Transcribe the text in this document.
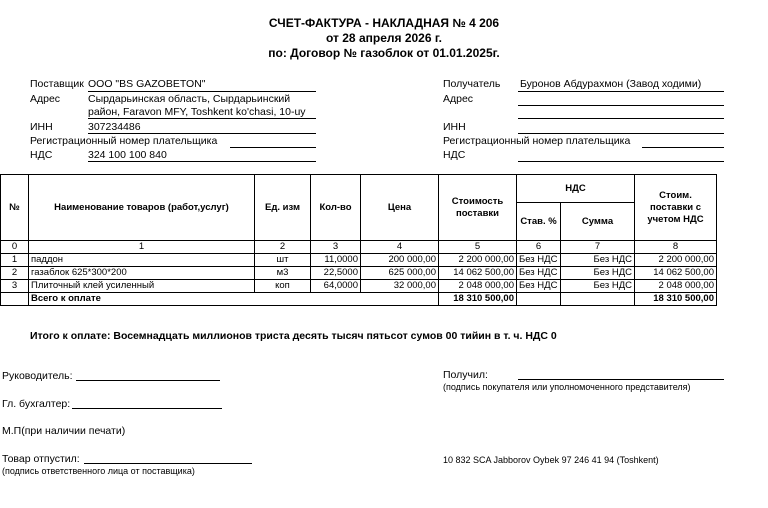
СЧЕТ-ФАКТУРА - НАКЛАДНАЯ № 4 206
от 28 апреля 2026 г.
по: Договор № газоблок от 01.01.2025г.
Поставщик ООО "BS GAZOBETON"
Адрес	Сырдарьинская область, Сырдарьинский
район, Faravon MFY, Toshkent ko'chasi, 10-uy
ИНН	307234486
Регистрационный номер плательщика
НДС	324 100 100 840
Получатель Буронов Абдурахмон (Завод ходими)
Адрес
ИНН
Регистрационный номер плательщика
НДС
№	Наименование товаров (работ,услуг)	Ед. изм	Кол-во	Цена	Стоимость поставки	НДС		Стоим. поставки с учетом НДС
						Став. %	Сумма	
0	1	2	3	4	5	6	7	8
1	паддон	шт	11,0000	200 000,00	2 200 000,00	Без НДС	Без НДС	2 200 000,00
2	газаблок 625*300*200	м3	22,5000	625 000,00	14 062 500,00	Без НДС	Без НДС	14 062 500,00
3	Плиточный клей усиленный	коп	64,0000	32 000,00	2 048 000,00	Без НДС	Без НДС	2 048 000,00
	Всего к оплате				18 310 500,00			18 310 500,00
Итого к оплате: Восемнадцать миллионов триста десять тысяч пятьсот сумов 00 тийин в т. ч. НДС 0
Руководитель:
Гл. бухгалтер:
М.П(при наличии печати)
Товар отпустил:
(подпись ответственного лица от поставщика)
Получил:
(подпись покупателя или уполномоченного представителя)
10 832 SCA Jabborov Oybek 97 246 41 94 (Toshkent)
